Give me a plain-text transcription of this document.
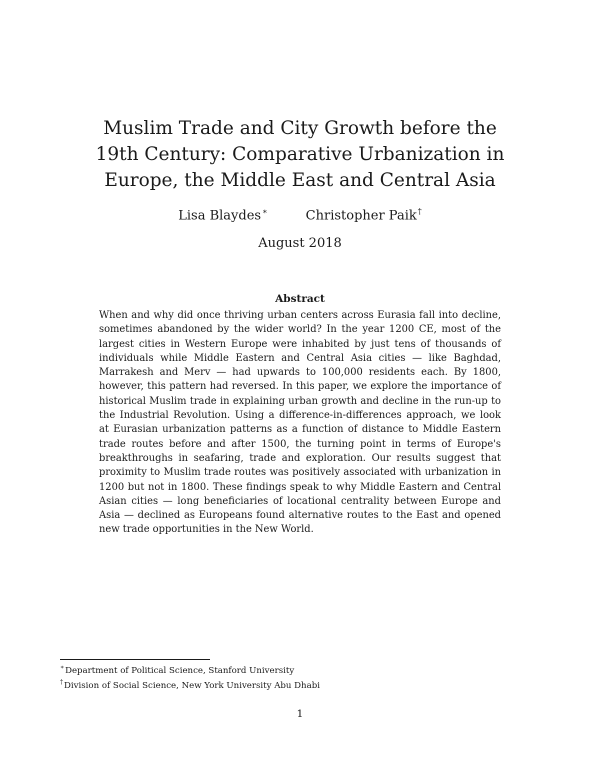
Muslim Trade and City Growth before the 19th Century: Comparative Urbanization in Europe, the Middle East and Central Asia
Lisa Blaydes∗	Christopher Paik†
August 2018
Abstract

When and why did once thriving urban centers across Eurasia fall into decline, sometimes abandoned by the wider world? In the year 1200 CE, most of the largest cities in Western Europe were inhabited by just tens of thousands of individuals while Middle Eastern and Central Asia cities — like Baghdad, Marrakesh and Merv — had upwards to 100,000 residents each. By 1800, however, this pattern had reversed. In this paper, we explore the importance of historical Muslim trade in explaining urban growth and decline in the run-up to the Industrial Revolution. Using a difference-in-differences approach, we look at Eurasian urbanization patterns as a function of distance to Middle Eastern trade routes before and after 1500, the turning point in terms of Europe's breakthroughs in seafaring, trade and exploration. Our results suggest that proximity to Muslim trade routes was positively associated with urbanization in 1200 but not in 1800. These findings speak to why Middle Eastern and Central Asian cities — long beneficiaries of locational centrality between Europe and Asia — declined as Europeans found alternative routes to the East and opened new trade opportunities in the New World.

∗Department of Political Science, Stanford University
†Division of Social Science, New York University Abu Dhabi
1
